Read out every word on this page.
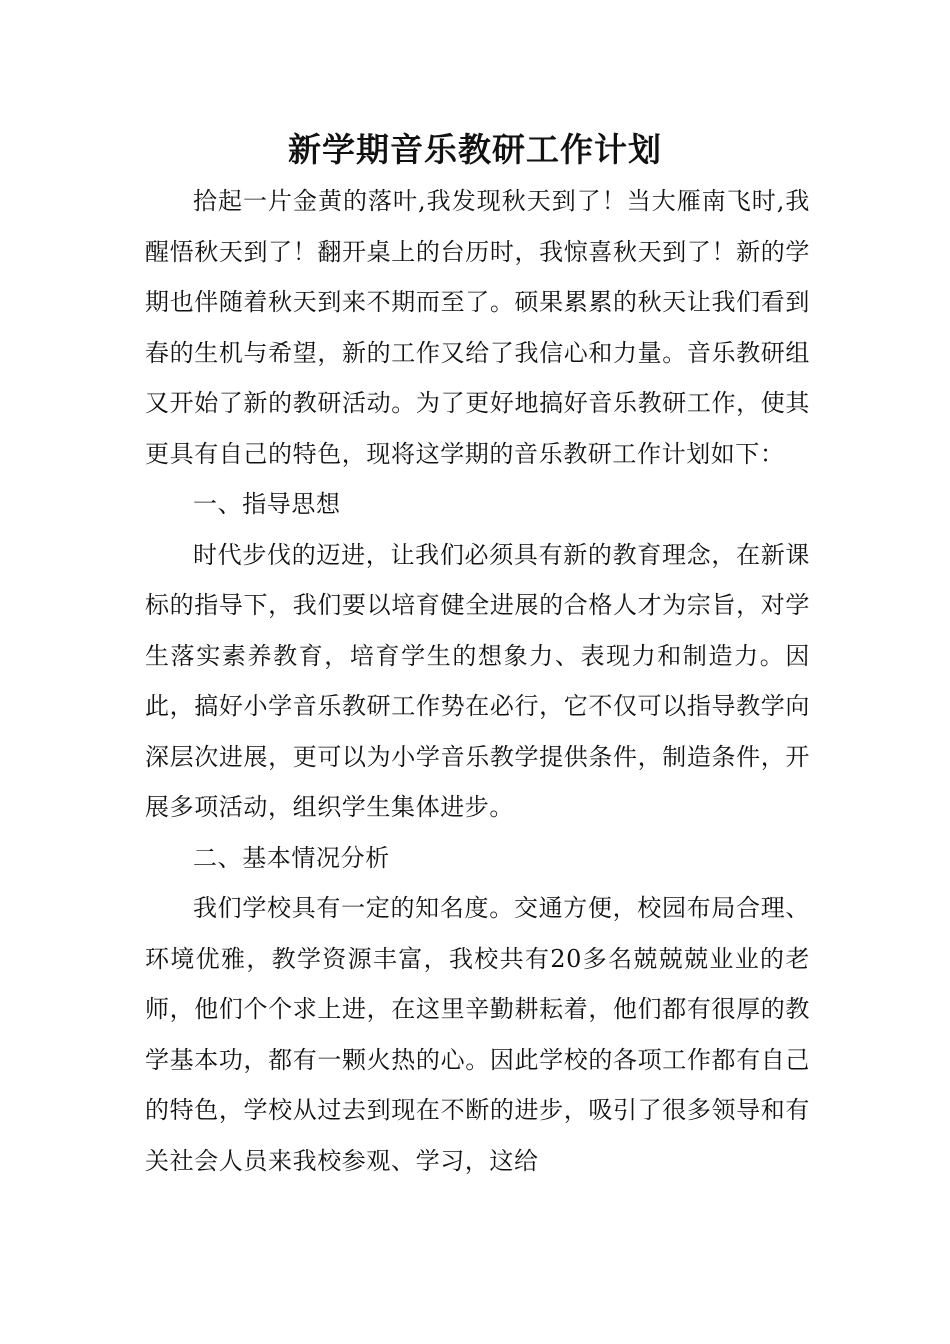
新学期音乐教研工作计划

拾起一片金黄的落叶,我发现秋天到了！当大雁南飞时,我醒悟秋天到了！翻开桌上的台历时，我惊喜秋天到了！新的学期也伴随着秋天到来不期而至了。硕果累累的秋天让我们看到春的生机与希望，新的工作又给了我信心和力量。音乐教研组又开始了新的教研活动。为了更好地搞好音乐教研工作，使其更具有自己的特色，现将这学期的音乐教研工作计划如下：

一、指导思想

时代步伐的迈进，让我们必须具有新的教育理念，在新课标的指导下，我们要以培育健全进展的合格人才为宗旨，对学生落实素养教育，培育学生的想象力、表现力和制造力。因此，搞好小学音乐教研工作势在必行，它不仅可以指导教学向深层次进展，更可以为小学音乐教学提供条件，制造条件，开展多项活动，组织学生集体进步。

二、基本情况分析

我们学校具有一定的知名度。交通方便，校园布局合理、环境优雅，教学资源丰富，我校共有20多名兢兢兢业业的老师，他们个个求上进，在这里辛勤耕耘着，他们都有很厚的教学基本功，都有一颗火热的心。因此学校的各项工作都有自己的特色，学校从过去到现在不断的进步，吸引了很多领导和有关社会人员来我校参观、学习，这给
